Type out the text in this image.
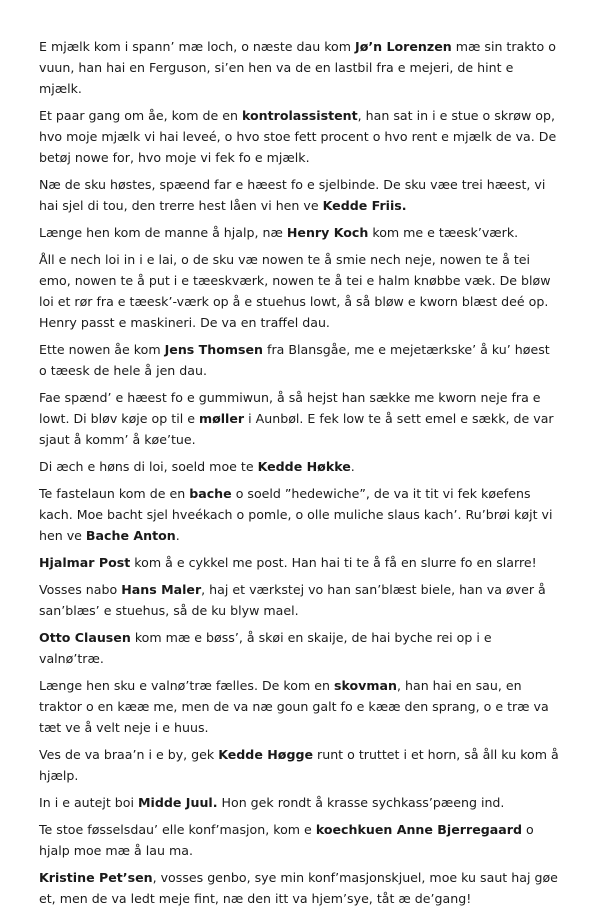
E mjælk kom i spann’ mæ loch, o næste dau kom Jø’n Lorenzen mæ sin trakto o vuun, han hai en Ferguson, si’en hen va de en lastbil fra e mejeri, de hint e mjælk.

Et paar gang om åe, kom de en kontrolassistent, han sat in i e stue o skrøw op, hvo moje mjælk vi hai leveé, o hvo stoe fett procent o hvo rent e mjælk de va. De betøj nowe for, hvo moje vi fek fo e mjælk.

Næ de sku høstes, spæend far e hæest fo e sjelbinde. De sku væe trei hæest, vi hai sjel di tou, den trerre hest låen vi hen ve Kedde Friis.

Længe hen kom de manne å hjalp, næ Henry Koch kom me e tæesk’værk.

Åll e nech loi in i e lai, o de sku væ nowen te å smie nech neje, nowen te å tei emo, nowen te å put i e tæeskværk, nowen te å tei e halm knøbbe væk. De bløw loi et rør fra e tæesk’-værk op å e stuehus lowt, å så bløw e kworn blæst deé op. Henry passt e maskineri. De va en traffel dau.

Ette nowen åe kom Jens Thomsen fra Blansgåe, me e mejetærkske’ å ku’ høest o tæesk de hele å jen dau.

Fae spænd’ e hæest fo e gummiwun, å så hejst han sække me kworn neje fra e lowt. Di bløv køje op til e møller i Aunbøl. E fek low te å sett emel e sækk, de var sjaut å komm’ å køe’tue.

Di æch e høns di loi, soeld moe te Kedde Høkke.

Te fastelaun kom de en bache o soeld ”hedewiche”, de va it tit vi fek køefens kach. Moe bacht sjel hveékach o pomle, o olle muliche slaus kach’. Ru’brøi køjt vi hen ve Bache Anton.

Hjalmar Post kom å e cykkel me post. Han hai ti te å få en slurre fo en slarre!

Vosses nabo Hans Maler, haj et værkstej vo han san’blæst biele, han va øver å san’blæs’ e stuehus, så de ku blyw mael.

Otto Clausen kom mæ e bøss’, å skøi en skaije, de hai byche rei op i e valnø’træ.

Længe hen sku e valnø’træ fælles. De kom en skovman, han hai en sau, en traktor o en kææ me, men de va næ goun galt fo e kææ den sprang, o e træ va tæt ve å velt neje i e huus.

Ves de va braa’n i e by, gek Kedde Høgge runt o truttet i et horn, så åll ku kom å hjælp.

In i e autejt boi Midde Juul. Hon gek rondt å krasse sychkass’pæeng ind.

Te stoe føsselsdau’ elle konf’masjon, kom e koechkuen Anne Bjerregaard o hjalp moe mæ å lau ma.

Kristine Pet’sen, vosses genbo, sye min konf’masjonskjuel, moe ku saut haj gøe et, men de va ledt meje fint, næ den itt va hjem’sye, tåt æ de’gang!
